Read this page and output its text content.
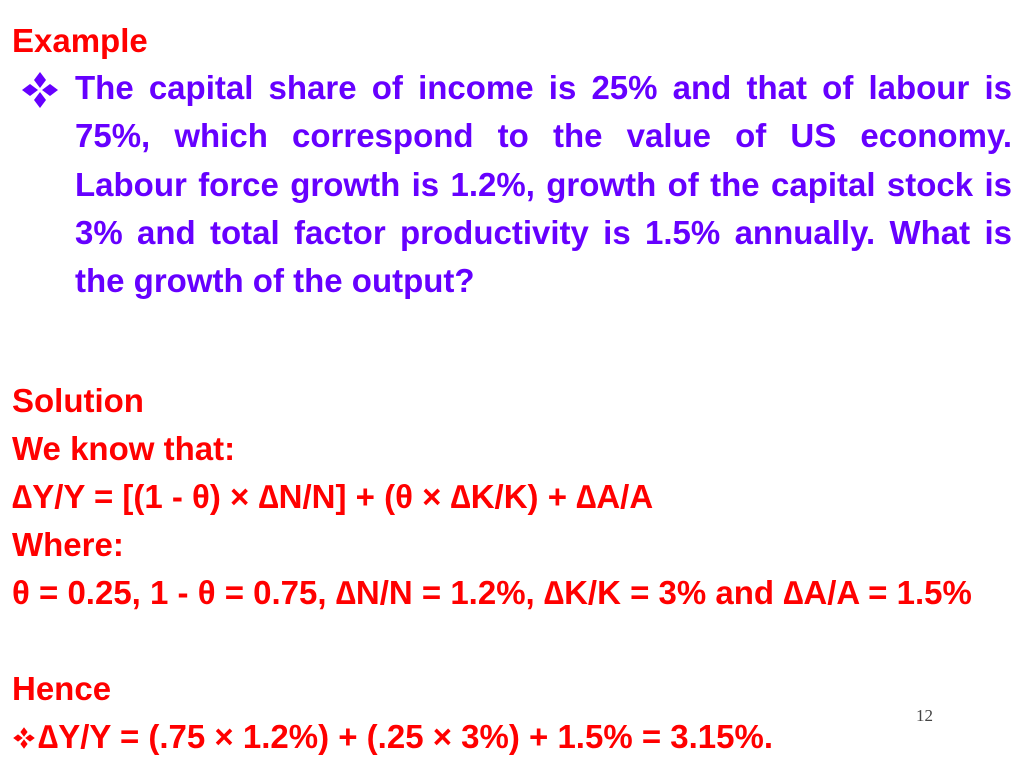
Example

The capital share of income is 25% and that of labour is 75%, which correspond to the value of US economy. Labour force growth is 1.2%, growth of the capital stock is 3% and total factor productivity is 1.5% annually. What is the growth of the output?

Solution
We know that:
∆Y/Y = [(1 - θ) × ∆N/N] + (θ × ∆K/K) + ∆A/A
Where:

θ = 0.25, 1 - θ = 0.75, ∆N/N = 1.2%, ∆K/K = 3% and ∆A/A = 1.5%

Hence
∆Y/Y = (.75 × 1.2%) + (.25 × 3%) + 1.5% = 3.15%.
12
